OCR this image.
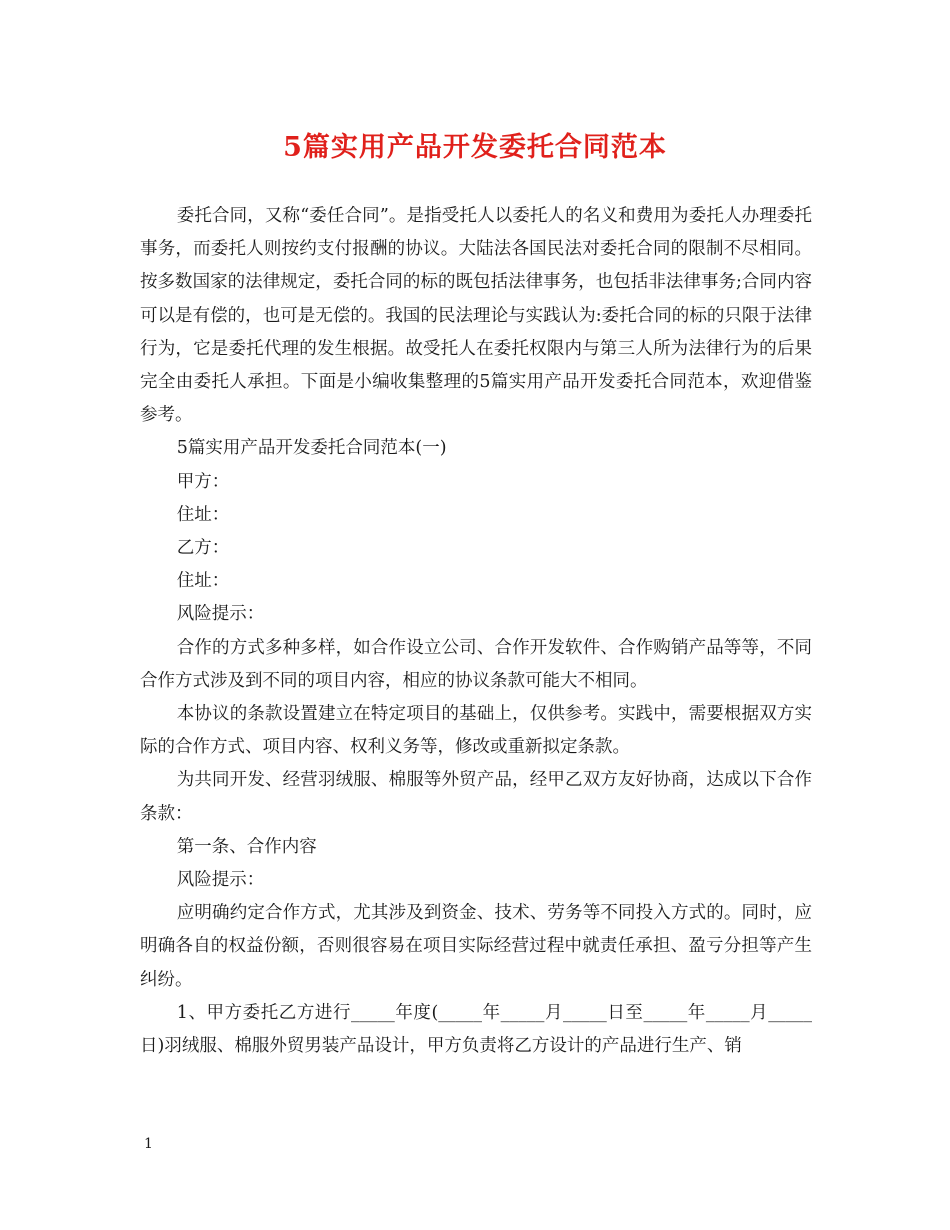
5篇实用产品开发委托合同范本

委托合同，又称“委任合同”。是指受托人以委托人的名义和费用为委托人办理委托事务，而委托人则按约支付报酬的协议。大陆法各国民法对委托合同的限制不尽相同。按多数国家的法律规定，委托合同的标的既包括法律事务，也包括非法律事务;合同内容可以是有偿的，也可是无偿的。我国的民法理论与实践认为:委托合同的标的只限于法律行为，它是委托代理的发生根据。故受托人在委托权限内与第三人所为法律行为的后果完全由委托人承担。下面是小编收集整理的5篇实用产品开发委托合同范本，欢迎借鉴参考。

5篇实用产品开发委托合同范本(一)

甲方：

住址：

乙方：

住址：

风险提示：

合作的方式多种多样，如合作设立公司、合作开发软件、合作购销产品等等，不同合作方式涉及到不同的项目内容，相应的协议条款可能大不相同。

本协议的条款设置建立在特定项目的基础上，仅供参考。实践中，需要根据双方实际的合作方式、项目内容、权利义务等，修改或重新拟定条款。

为共同开发、经营羽绒服、棉服等外贸产品，经甲乙双方友好协商，达成以下合作条款：

第一条、合作内容

风险提示：

应明确约定合作方式，尤其涉及到资金、技术、劳务等不同投入方式的。同时，应明确各自的权益份额，否则很容易在项目实际经营过程中就责任承担、盈亏分担等产生纠纷。

1、甲方委托乙方进行_____年度(_____年_____月_____日至_____年_____月_____日)羽绒服、棉服外贸男装产品设计，甲方负责将乙方设计的产品进行生产、销

1
